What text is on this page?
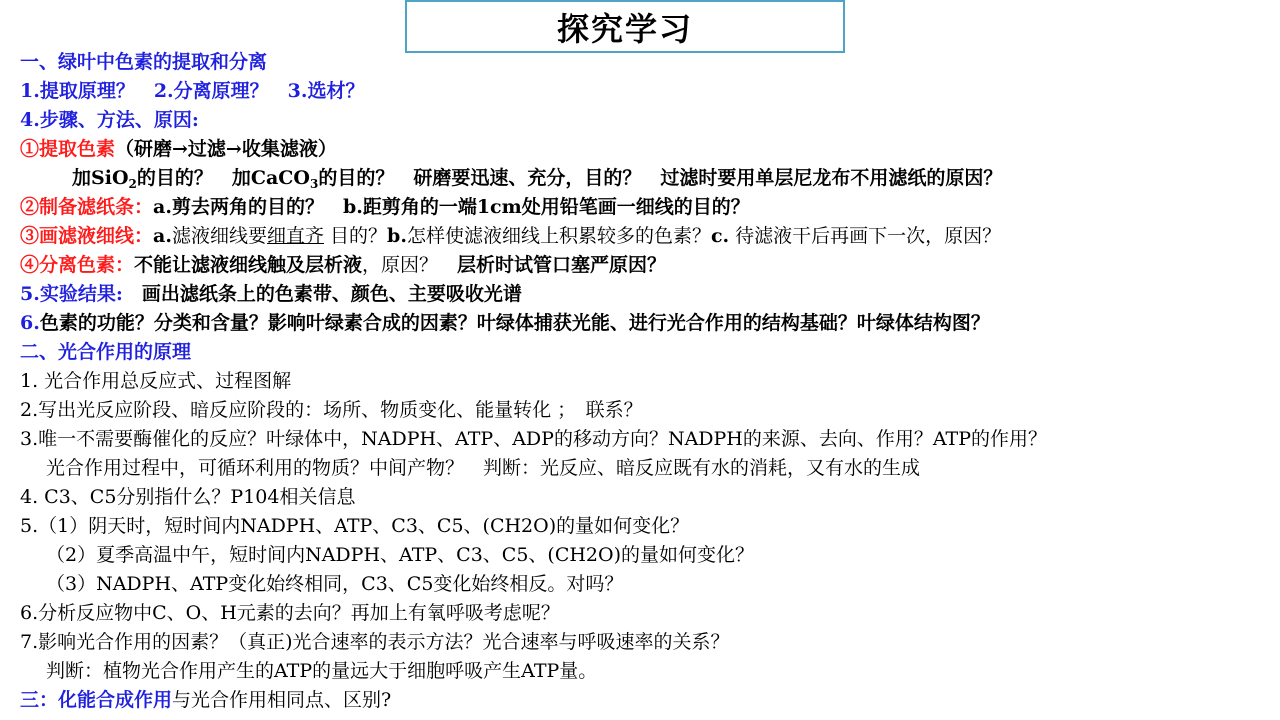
探究学习
一、绿叶中色素的提取和分离
1.提取原理？　2.分离原理？　3.选材？
4.步骤、方法、原因:
①提取色素（研磨→过滤→收集滤液）
加SiO$_2$的目的？　加CaCO$_3$的目的？　研磨要迅速、充分，目的？　过滤时要用单层尼龙布不用滤纸的原因？
②制备滤纸条：a.剪去两角的目的？　b.距剪角的一端1cm处用铅笔画一细线的目的？
③画滤液细线：a.滤液细线要细直齐 目的？b.怎样使滤液细线上积累较多的色素？c. 待滤液干后再画下一次，原因？
④分离色素：不能让滤液细线触及层析液，原因？　层析时试管口塞严原因？
5.实验结果:　画出滤纸条上的色素带、颜色、主要吸收光谱
6.色素的功能？分类和含量？影响叶绿素合成的因素？叶绿体捕获光能、进行光合作用的结构基础？叶绿体结构图？
二、光合作用的原理
1. 光合作用总反应式、过程图解
2.写出光反应阶段、暗反应阶段的：场所、物质变化、能量转化 ；　联系？
3.唯一不需要酶催化的反应？叶绿体中，NADPH、ATP、ADP的移动方向？NADPH的来源、去向、作用？ATP的作用？
光合作用过程中，可循环利用的物质？中间产物？　判断：光反应、暗反应既有水的消耗，又有水的生成
4. C3、C5分别指什么？P104相关信息
5.（1）阴天时，短时间内NADPH、ATP、C3、C5、(CH2O)的量如何变化？
（2）夏季高温中午，短时间内NADPH、ATP、C3、C5、(CH2O)的量如何变化？
（3）NADPH、ATP变化始终相同，C3、C5变化始终相反。对吗？
6.分析反应物中C、O、H元素的去向？再加上有氧呼吸考虑呢？
7.影响光合作用的因素？（真正)光合速率的表示方法？光合速率与呼吸速率的关系？
判断：植物光合作用产生的ATP的量远大于细胞呼吸产生ATP量。
三：化能合成作用与光合作用相同点、区别?
